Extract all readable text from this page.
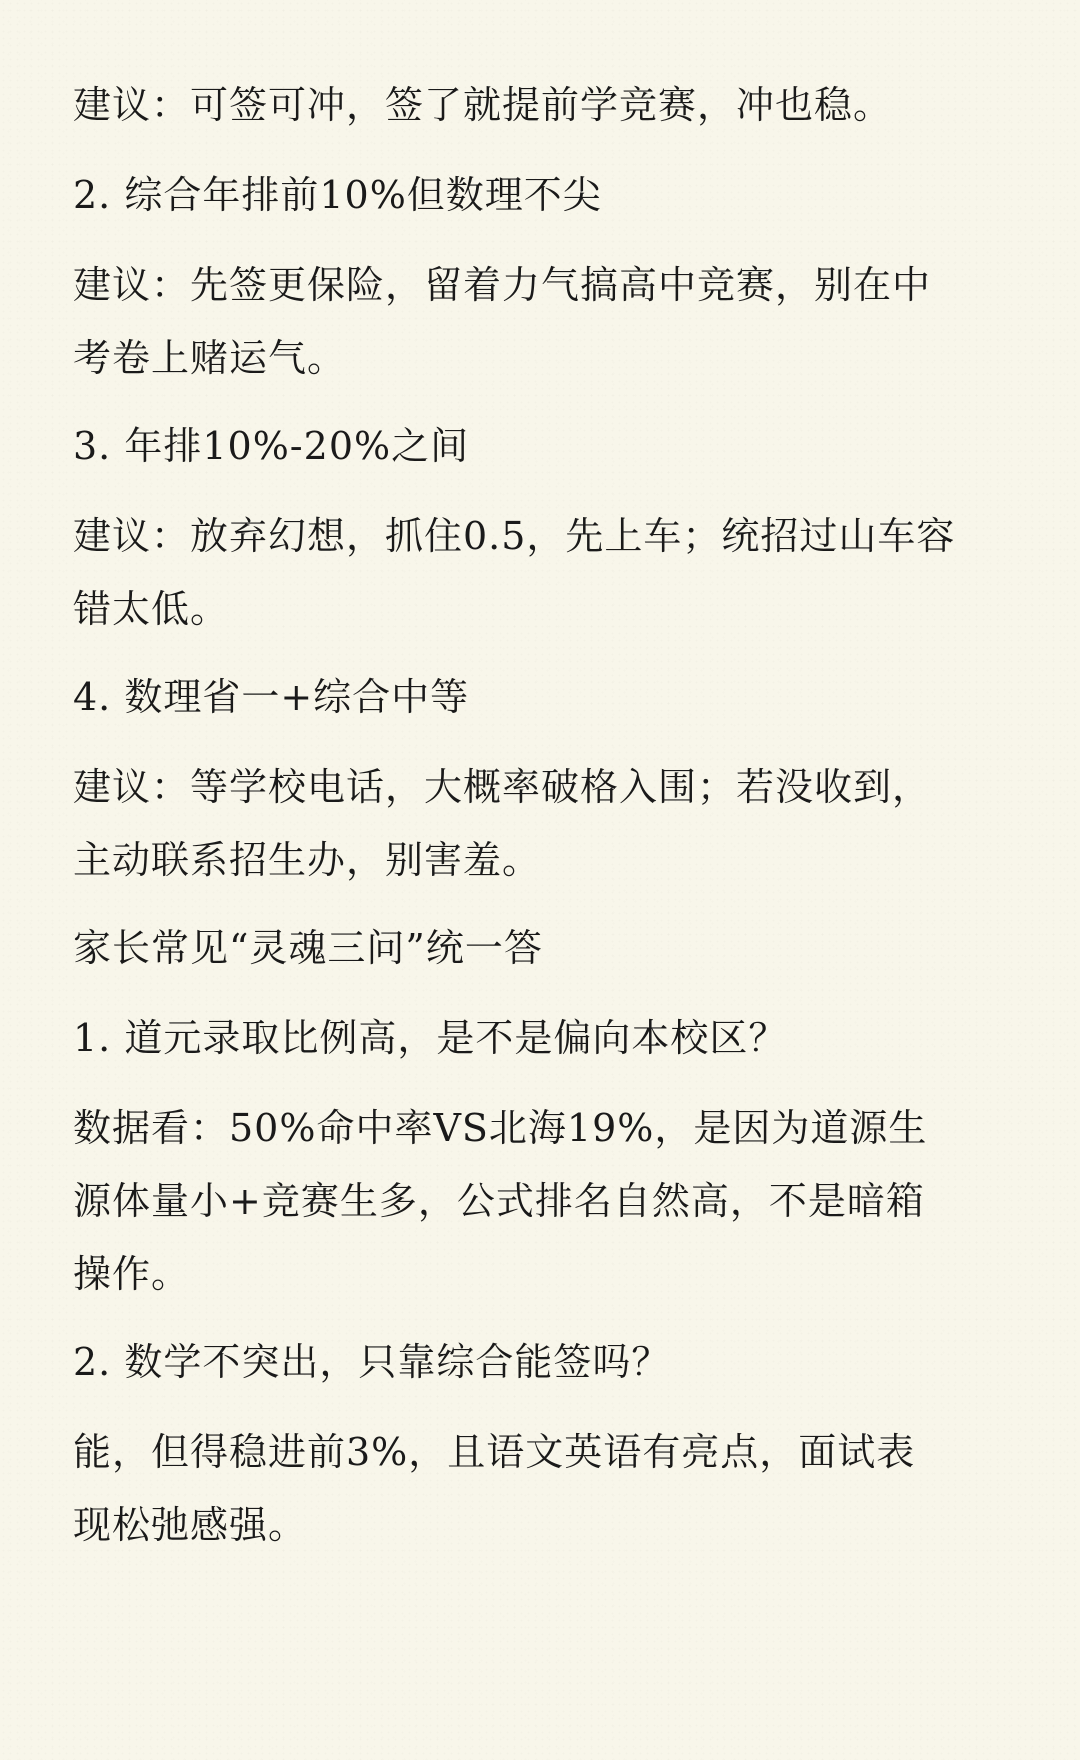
建议：可签可冲，签了就提前学竞赛，冲也稳。
2. 综合年排前10%但数理不尖
建议：先签更保险，留着力气搞高中竞赛，别在中
考卷上赌运气。
3. 年排10%-20%之间
建议：放弃幻想，抓住0.5，先上车；统招过山车容
错太低。
4. 数理省一+综合中等
建议：等学校电话，大概率破格入围；若没收到，
主动联系招生办，别害羞。
家长常见“灵魂三问”统一答
1. 道元录取比例高，是不是偏向本校区？
数据看：50%命中率VS北海19%，是因为道源生
源体量小+竞赛生多，公式排名自然高，不是暗箱
操作。
2. 数学不突出，只靠综合能签吗？
能，但得稳进前3%，且语文英语有亮点，面试表
现松弛感强。
